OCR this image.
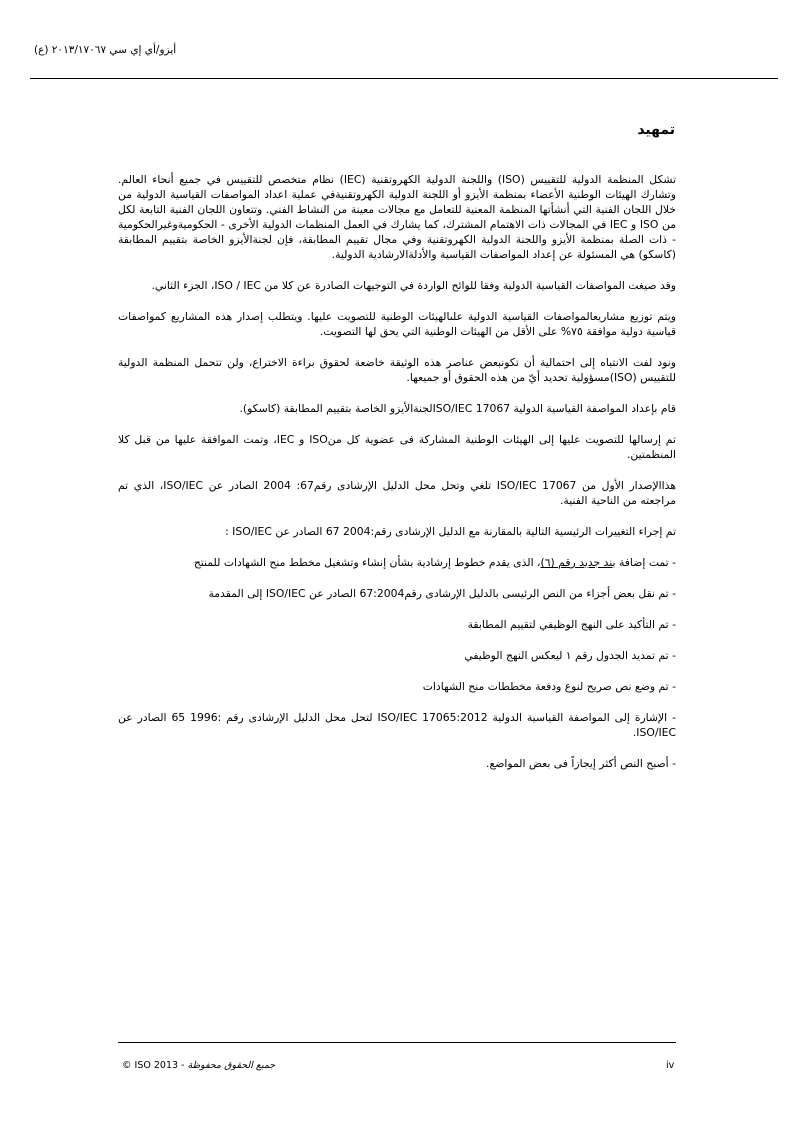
أيزو/أي إي سي ٢٠١٣/١٧٠٦٧ (ع)
تمهيد

تشكل المنظمة الدولية للتقييس (ISO) واللجنة الدولية الكهروتقنية (IEC) نظام متخصص للتقييس في جميع أنحاء العالم. وتشارك الهيئات الوطنية الأعضاء بمنظمة الأيزو أو اللجنة الدولية الكهروتقنيةفي عملية اعداد المواصفات القياسية الدولية من خلال اللجان الفنية التي أنشأتها المنظمة المعنية للتعامل مع مجالات معينة من النشاط الفني. وتتعاون اللجان الفنية التابعة لكل من ISO و IEC في المجالات ذات الاهتمام المشترك، كما يشارك في العمل المنظمات الدولية الأخرى - الحكوميةوغيرالحكومية - ذات الصلة بمنظمة الأيزو واللجنة الدولية الكهروتقنية وفي مجال تقييم المطابقة، فإن لجنةالأيزو الخاصة بتقييم المطابقة (كاسكو) هي المسئولة عن إعداد المواصفات القياسية والأدلةالارشادية الدولية.

وقد صيغت المواصفات القياسية الدولية وفقا للوائح الواردة في التوجيهات الصادرة عن كلا من ISO / IEC، الجزء الثاني.

ويتم توزيع مشاريعالمواصفات القياسية الدولية علىالهيئات الوطنية للتصويت عليها. ويتطلب إصدار هذه المشاريع كمواصفات قياسية دولية موافقة ٧٥% على الأقل من الهيئات الوطنية التي يحق لها التصويت.

ونود لفت الانتباه إلى احتمالية أن تكونبعض عناصر هذه الوثيقة خاضعة لحقوق براءة الاختراع، ولن تتحمل المنظمة الدولية للتقييس (ISO)مسؤولية تحديد أيّ من هذه الحقوق أو جميعها.

قام بإعداد المواصفة القياسية الدولية ISO/IEC 17067لجنةالأيزو الخاصة بتقييم المطابقة (كاسكو).

تم إرسالها للتصويت عليها إلى الهيئات الوطنية المشاركة فى عضوية كل منISO و IEC، وتمت الموافقة عليها من قبل كلا المنظمتين.

هذاالإصدار الأول من ISO/IEC 17067 تلغي وتحل محل الدليل الإرشادى رقم67: 2004 الصادر عن ISO/IEC، الذي تم مراجعته من الناحية الفنية.

تم إجراء التغييرات الرئيسية التالية بالمقارنة مع الدليل الإرشادى رقم:2004 67 الصادر عن ISO/IEC :

- تمت إضافة بند جديد رقم (٦)، الذى يقدم خطوط إرشادية بشأن إنشاء وتشغيل مخطط منح الشهادات للمنتج

- تم نقل بعض أجزاء من النص الرئيسى بالدليل الإرشادى رقم67:2004 الصادر عن ISO/IEC إلى المقدمة

- تم التأكيد على النهج الوظيفي لتقييم المطابقة

- تم تمديد الجدول رقم ١ ليعكس النهج الوظيفي

- تم وضع نص صريح لنوع ودفعة مخططات منح الشهادات

- الإشارة إلى المواصفة القياسية الدولية ISO/IEC 17065:2012 لتحل محل الدليل الإرشادى رقم :1996 65 الصادر عن ISO/IEC.

- أصبح النص أكثر إيجازاً فى بعض المواضع.

© ISO 2013 - جميع الحقوق محفوظة	iv
